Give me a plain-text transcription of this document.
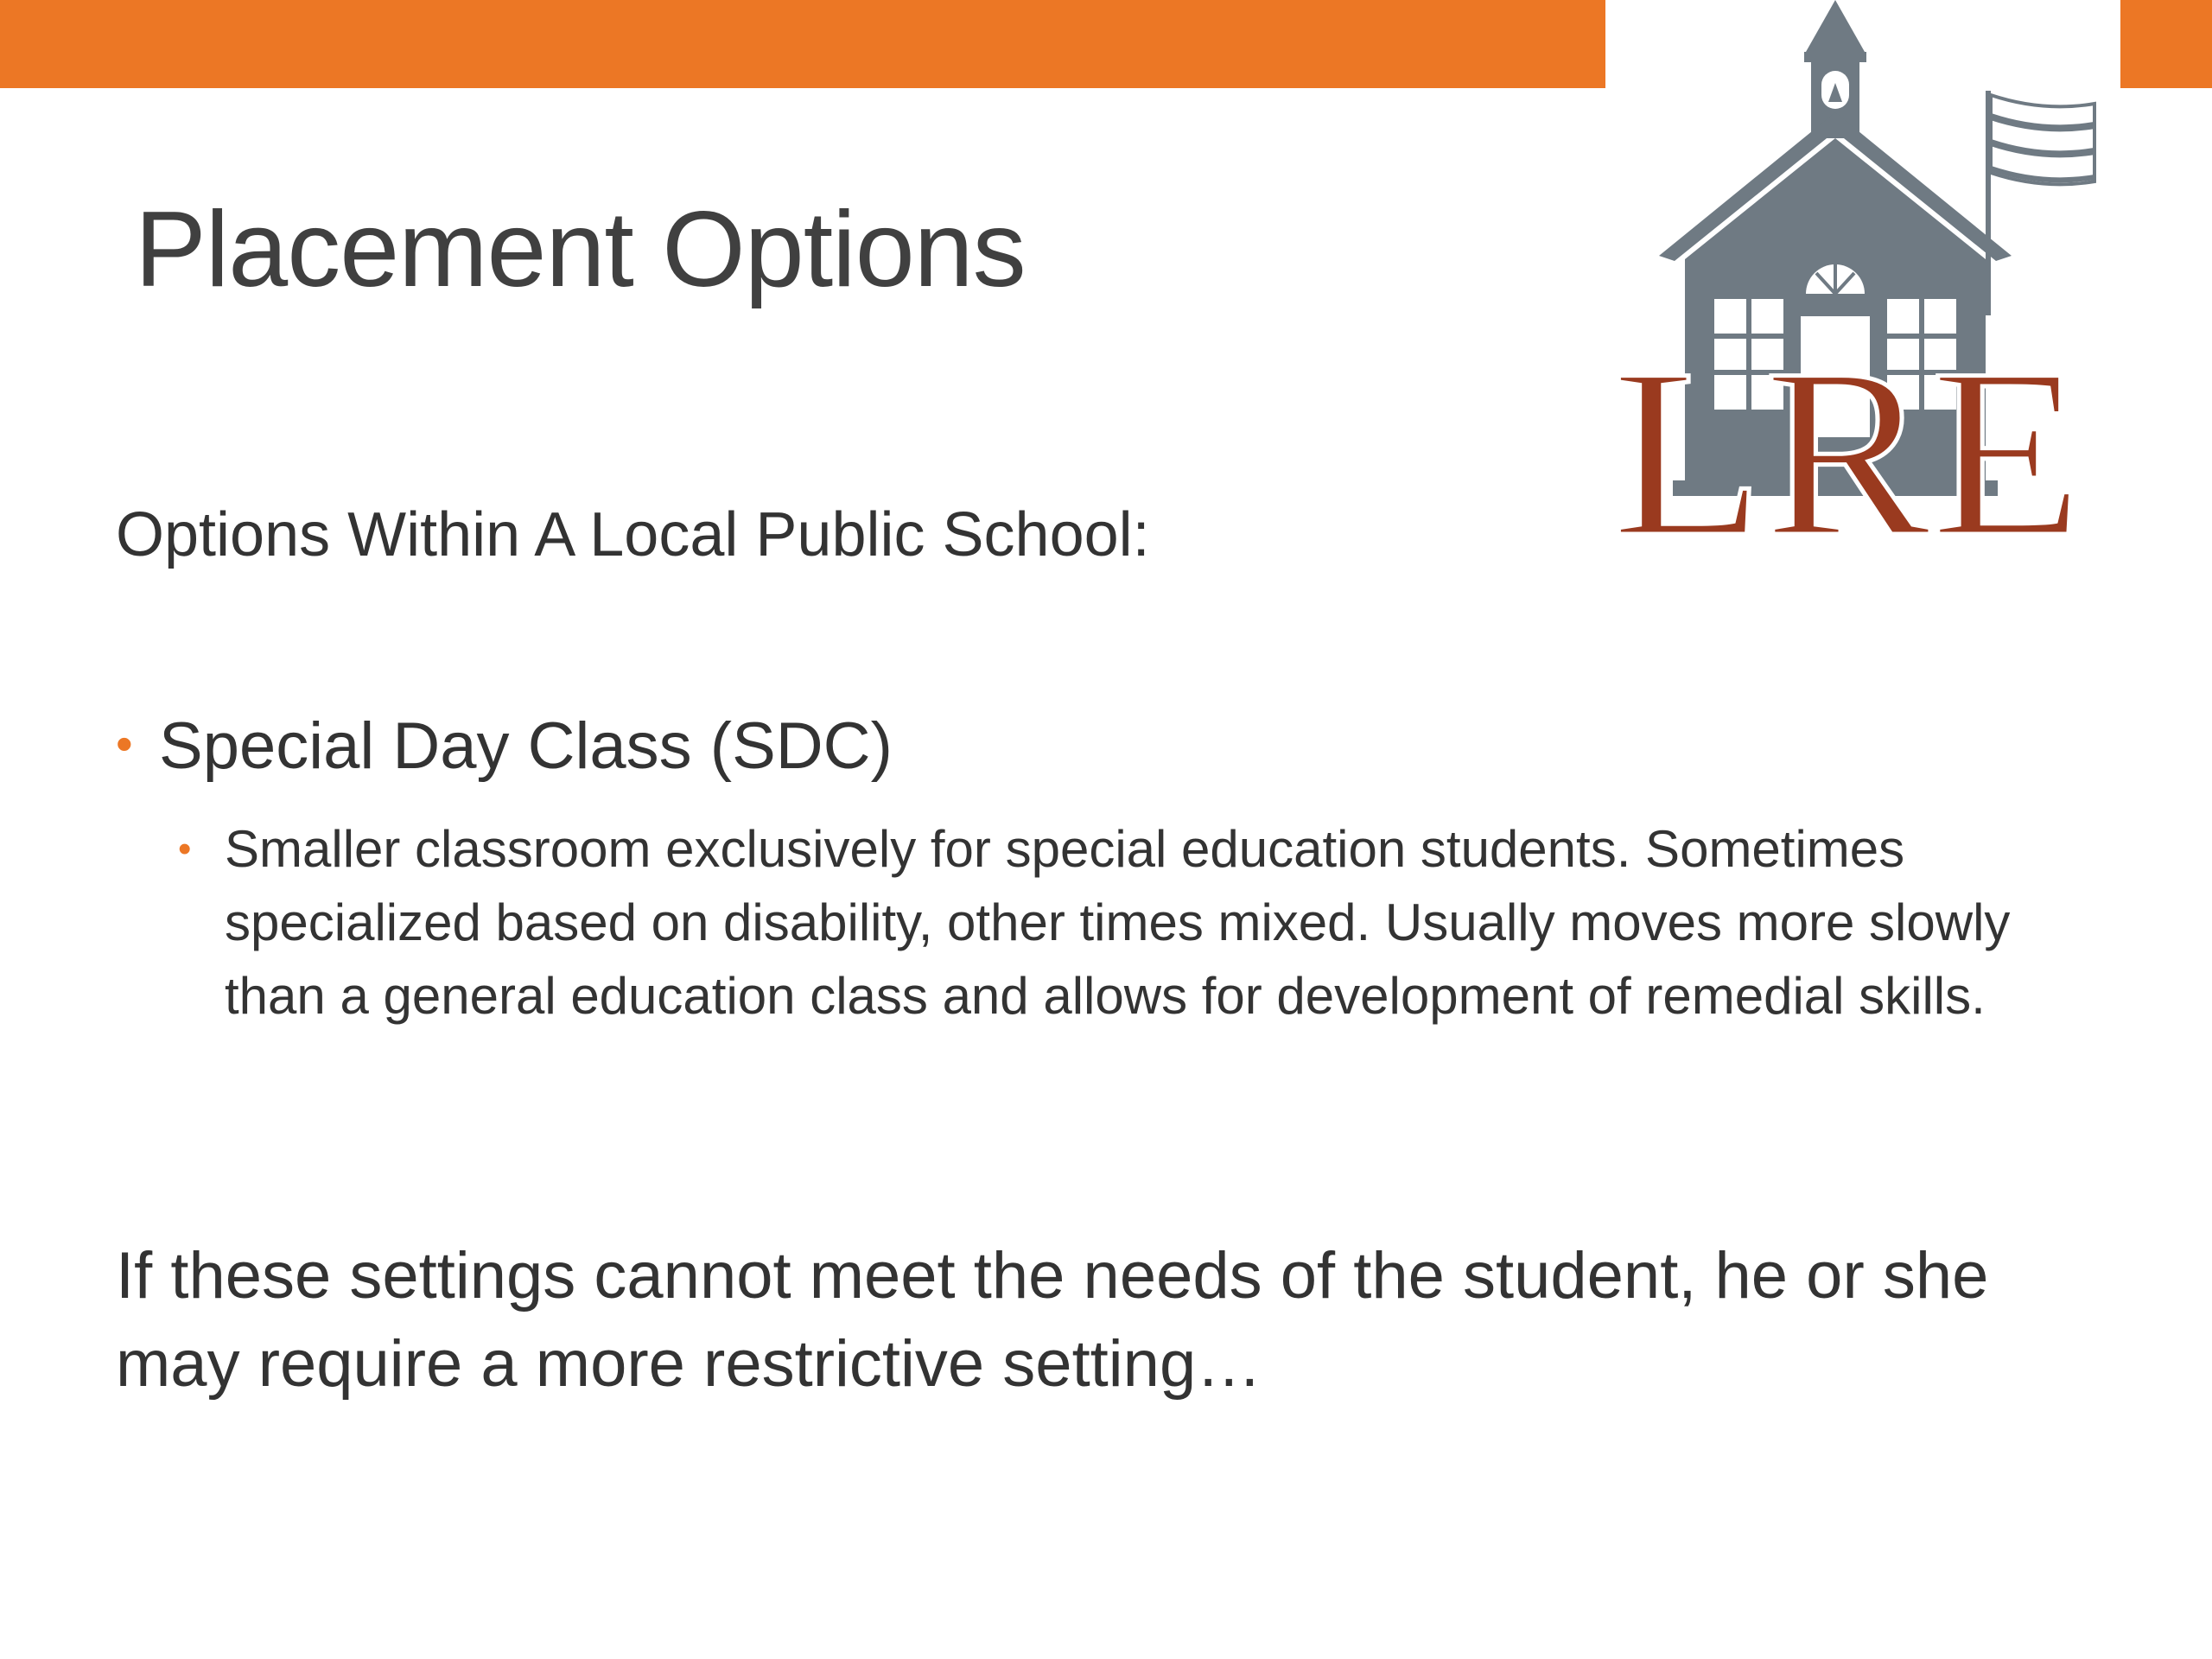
LRE
Placement Options
Options Within A Local Public School:
• Special Day Class (SDC)
• Smaller classroom exclusively for special education students. Sometimes specialized based on disability, other times mixed. Usually moves more slowly than a general education class and allows for development of remedial skills.
If these settings cannot meet the needs of the student, he or she may require a more restrictive setting…
